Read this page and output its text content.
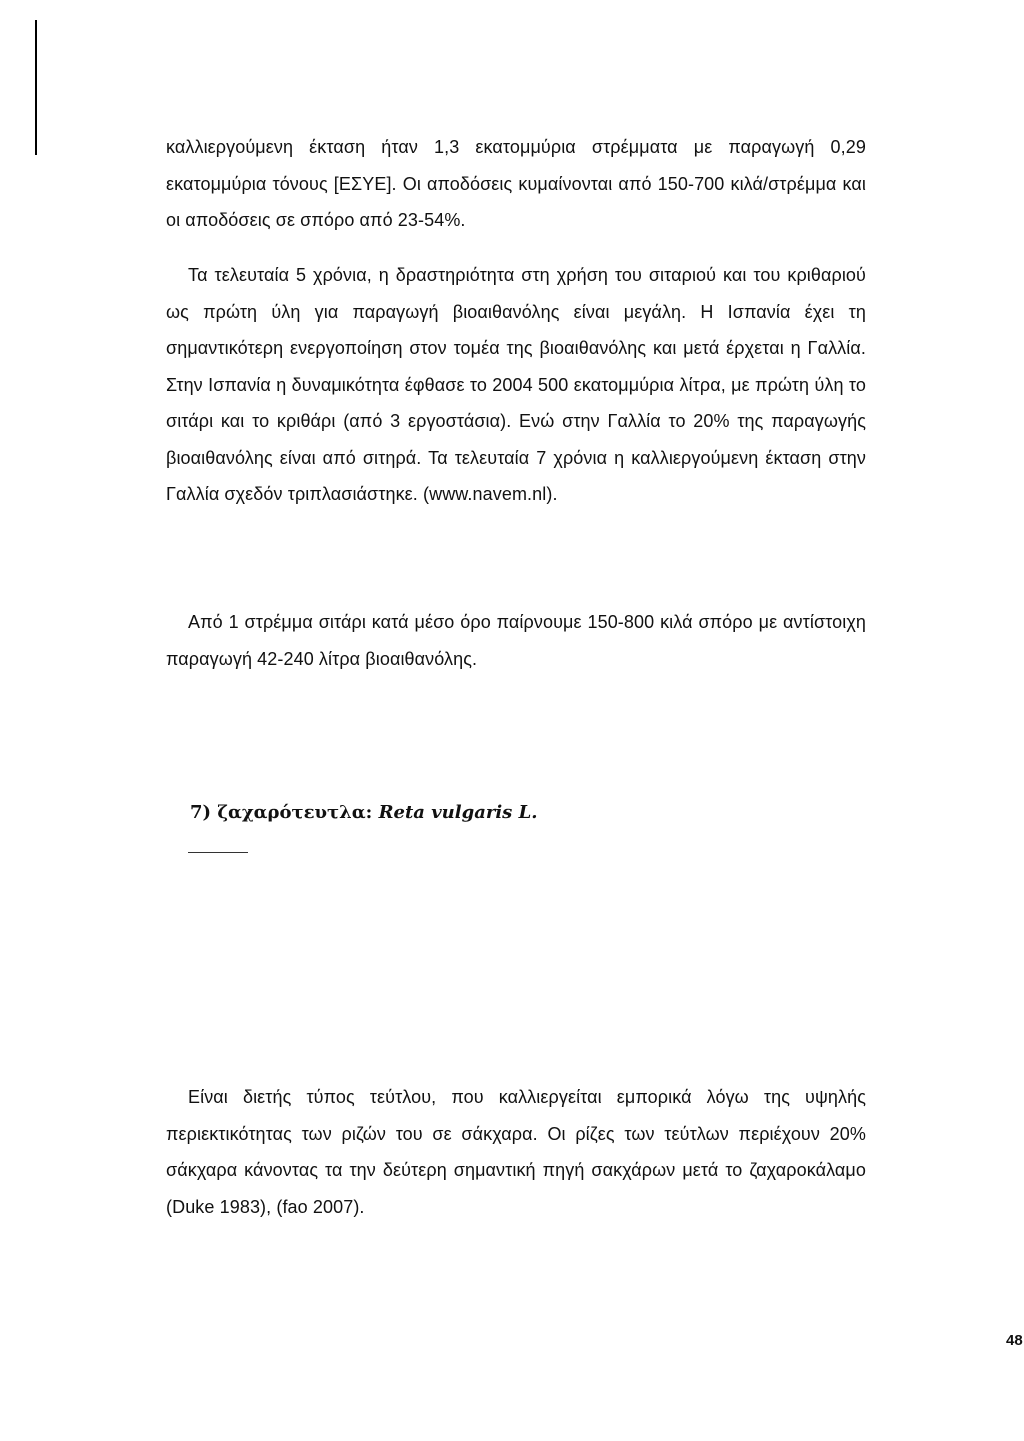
καλλιεργούμενη έκταση ήταν 1,3 εκατομμύρια στρέμματα με παραγωγή 0,29 εκατομμύρια τόνους [ΕΣΥΕ]. Οι αποδόσεις κυμαίνονται από 150-700 κιλά/στρέμμα και οι αποδόσεις σε σπόρο από 23-54%.

Τα τελευταία 5 χρόνια, η δραστηριότητα στη χρήση του σιταριού και του κριθαριού ως πρώτη ύλη για παραγωγή βιοαιθανόλης είναι μεγάλη. Η Ισπανία έχει τη σημαντικότερη ενεργοποίηση στον τομέα της βιοαιθανόλης και μετά έρχεται η Γαλλία. Στην Ισπανία η δυναμικότητα έφθασε το 2004 500 εκατομμύρια λίτρα, με πρώτη ύλη το σιτάρι και το κριθάρι (από 3 εργοστάσια). Ενώ στην Γαλλία το 20% της παραγωγής βιοαιθανόλης είναι από σιτηρά. Τα τελευταία 7 χρόνια η καλλιεργούμενη έκταση στην Γαλλία σχεδόν τριπλασιάστηκε. (www.navem.nl).

Από 1 στρέμμα σιτάρι κατά μέσο όρο παίρνουμε 150-800 κιλά σπόρο με αντίστοιχη παραγωγή 42-240 λίτρα βιοαιθανόλης.

7) ζαχαρότευτλα: Reta vulgaris L.

Είναι διετής τύπος τεύτλου, που καλλιεργείται εμπορικά λόγω της υψηλής περιεκτικότητας των ριζών του σε σάκχαρα. Οι ρίζες των τεύτλων περιέχουν 20% σάκχαρα κάνοντας τα την δεύτερη σημαντική πηγή σακχάρων μετά το ζαχαροκάλαμο (Duke 1983), (fao 2007).

48
